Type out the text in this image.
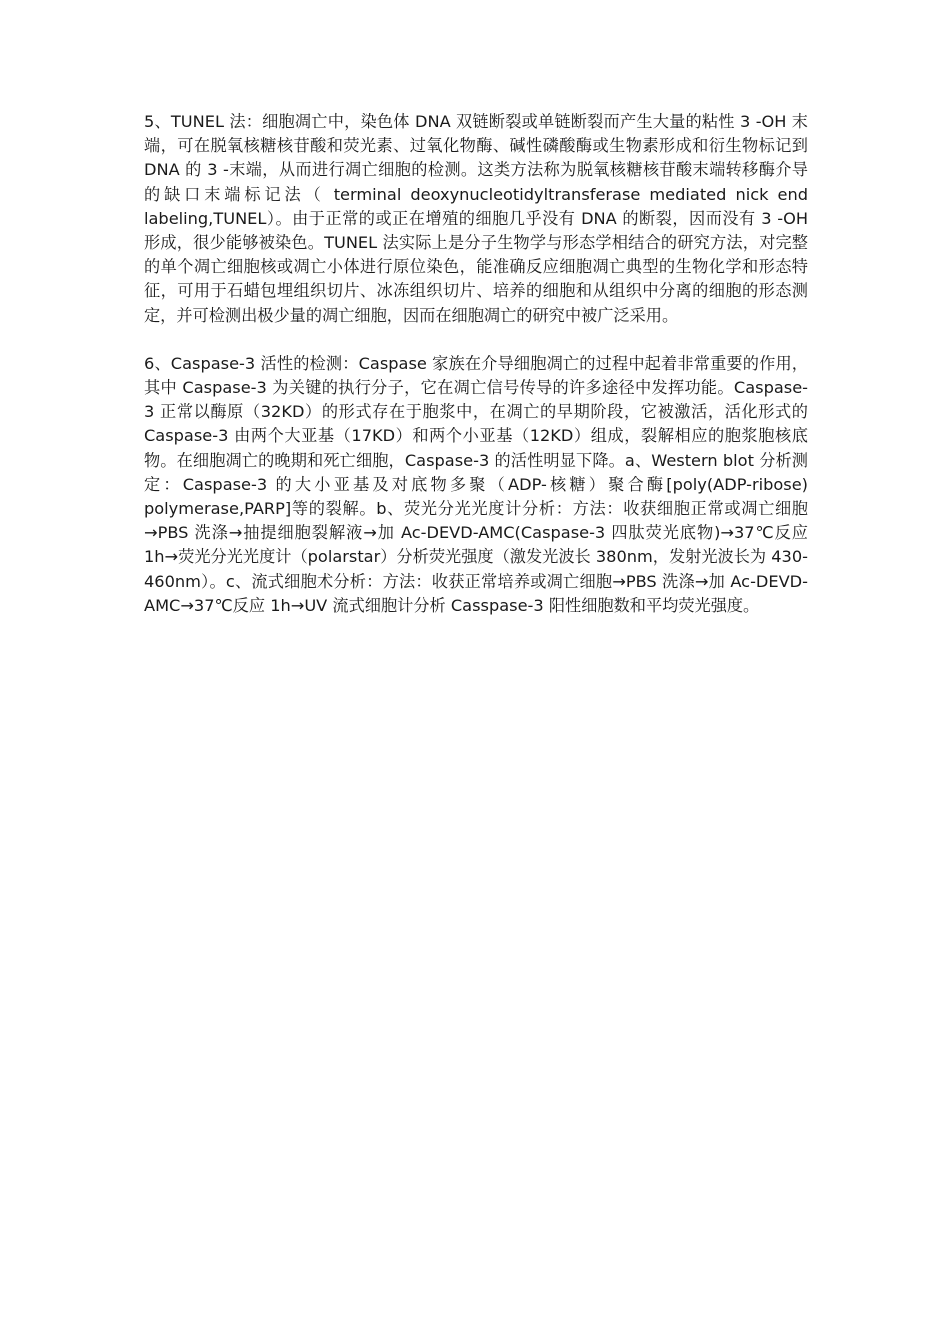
5、TUNEL 法：细胞凋亡中，染色体 DNA 双链断裂或单链断裂而产生大量的粘性 3 -OH 末端，可在脱氧核糖核苷酸和荧光素、过氧化物酶、碱性磷酸酶或生物素形成和衍生物标记到 DNA 的 3 -末端，从而进行凋亡细胞的检测。这类方法称为脱氧核糖核苷酸末端转移酶介导的缺口末端标记法（ terminal deoxynucleotidyltransferase mediated nick end labeling,TUNEL）。由于正常的或正在增殖的细胞几乎没有 DNA 的断裂，因而没有 3 -OH 形成，很少能够被染色。TUNEL 法实际上是分子生物学与形态学相结合的研究方法，对完整的单个凋亡细胞核或凋亡小体进行原位染色，能准确反应细胞凋亡典型的生物化学和形态特征，可用于石蜡包埋组织切片、冰冻组织切片、培养的细胞和从组织中分离的细胞的形态测定，并可检测出极少量的凋亡细胞，因而在细胞凋亡的研究中被广泛采用。

6、Caspase-3 活性的检测：Caspase 家族在介导细胞凋亡的过程中起着非常重要的作用，其中 Caspase-3 为关键的执行分子，它在凋亡信号传导的许多途径中发挥功能。Caspase-3 正常以酶原（32KD）的形式存在于胞浆中，在凋亡的早期阶段，它被激活，活化形式的 Caspase-3 由两个大亚基（17KD）和两个小亚基（12KD）组成，裂解相应的胞浆胞核底物。在细胞凋亡的晚期和死亡细胞，Caspase-3 的活性明显下降。a、Western blot 分析测定：Caspase-3 的大小亚基及对底物多聚（ADP-核糖）聚合酶[poly(ADP-ribose) polymerase,PARP]等的裂解。b、荧光分光光度计分析：方法：收获细胞正常或凋亡细胞→PBS 洗涤→抽提细胞裂解液→加 Ac-DEVD-AMC(Caspase-3 四肽荧光底物)→37℃反应 1h→荧光分光光度计（polarstar）分析荧光强度（激发光波长 380nm，发射光波长为 430-460nm）。c、流式细胞术分析：方法：收获正常培养或凋亡细胞→PBS 洗涤→加 Ac-DEVD-AMC→37℃反应 1h→UV 流式细胞计分析 Casspase-3 阳性细胞数和平均荧光强度。
